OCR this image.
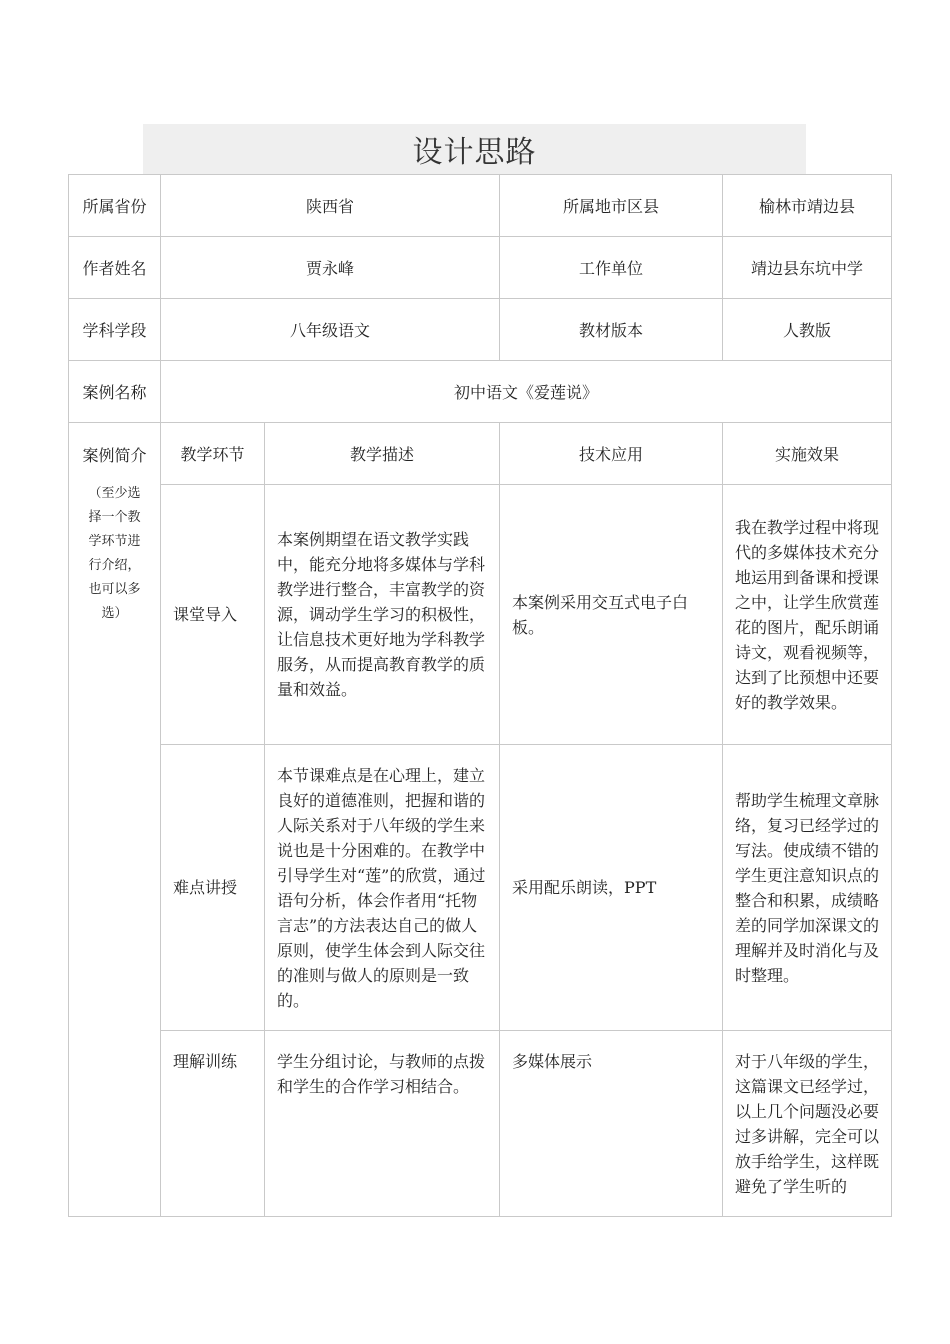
设计思路
所属省份	陕西省		所属地市区县	榆林市靖边县
作者姓名	贾永峰		工作单位	靖边县东坑中学
学科学段	八年级语文		教材版本	人教版
案例名称	初中语文《爱莲说》			

案例简介
（至少选择一个教学环节进行介绍，也可以多选）	教学环节	教学描述	技术应用	实施效果
	课堂导入	本案例期望在语文教学实践中，能充分地将多媒体与学科教学进行整合，丰富教学的资源，调动学生学习的积极性，让信息技术更好地为学科教学服务，从而提高教育教学的质量和效益。	本案例采用交互式电子白板。	我在教学过程中将现代的多媒体技术充分地运用到备课和授课之中，让学生欣赏莲花的图片，配乐朗诵诗文，观看视频等，达到了比预想中还要好的教学效果。
	难点讲授	本节课难点是在心理上，建立良好的道德准则，把握和谐的人际关系对于八年级的学生来说也是十分困难的。在教学中引导学生对“莲”的欣赏，通过语句分析，体会作者用“托物言志”的方法表达自己的做人原则，使学生体会到人际交往的准则与做人的原则是一致的。	采用配乐朗读，PPT	帮助学生梳理文章脉络，复习已经学过的写法。使成绩不错的学生更注意知识点的整合和积累，成绩略差的同学加深课文的理解并及时消化与及时整理。
	理解训练	学生分组讨论，与教师的点拨和学生的合作学习相结合。	多媒体展示	对于八年级的学生，这篇课文已经学过，以上几个问题没必要过多讲解，完全可以放手给学生，这样既避免了学生听的
